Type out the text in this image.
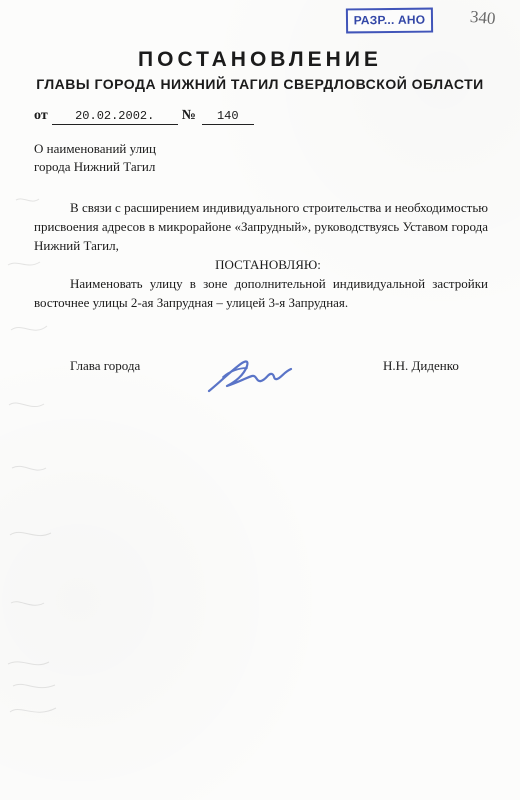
РАЗР... АНО	340
ПОСТАНОВЛЕНИЕ
ГЛАВЫ ГОРОДА НИЖНИЙ ТАГИЛ СВЕРДЛОВСКОЙ ОБЛАСТИ
от 20.02.2002. № 140
О наименований улиц
города Нижний Тагил

В связи с расширением индивидуального строительства и необходимостью присвоения адресов в микрорайоне «Запрудный», руководствуясь Уставом города Нижний Тагил,

ПОСТАНОВЛЯЮ:

Наименовать улицу в зоне дополнительной индивидуальной застройки восточнее улицы 2-ая Запрудная – улицей 3-я Запрудная.

Глава города	Н.Н. Диденко
